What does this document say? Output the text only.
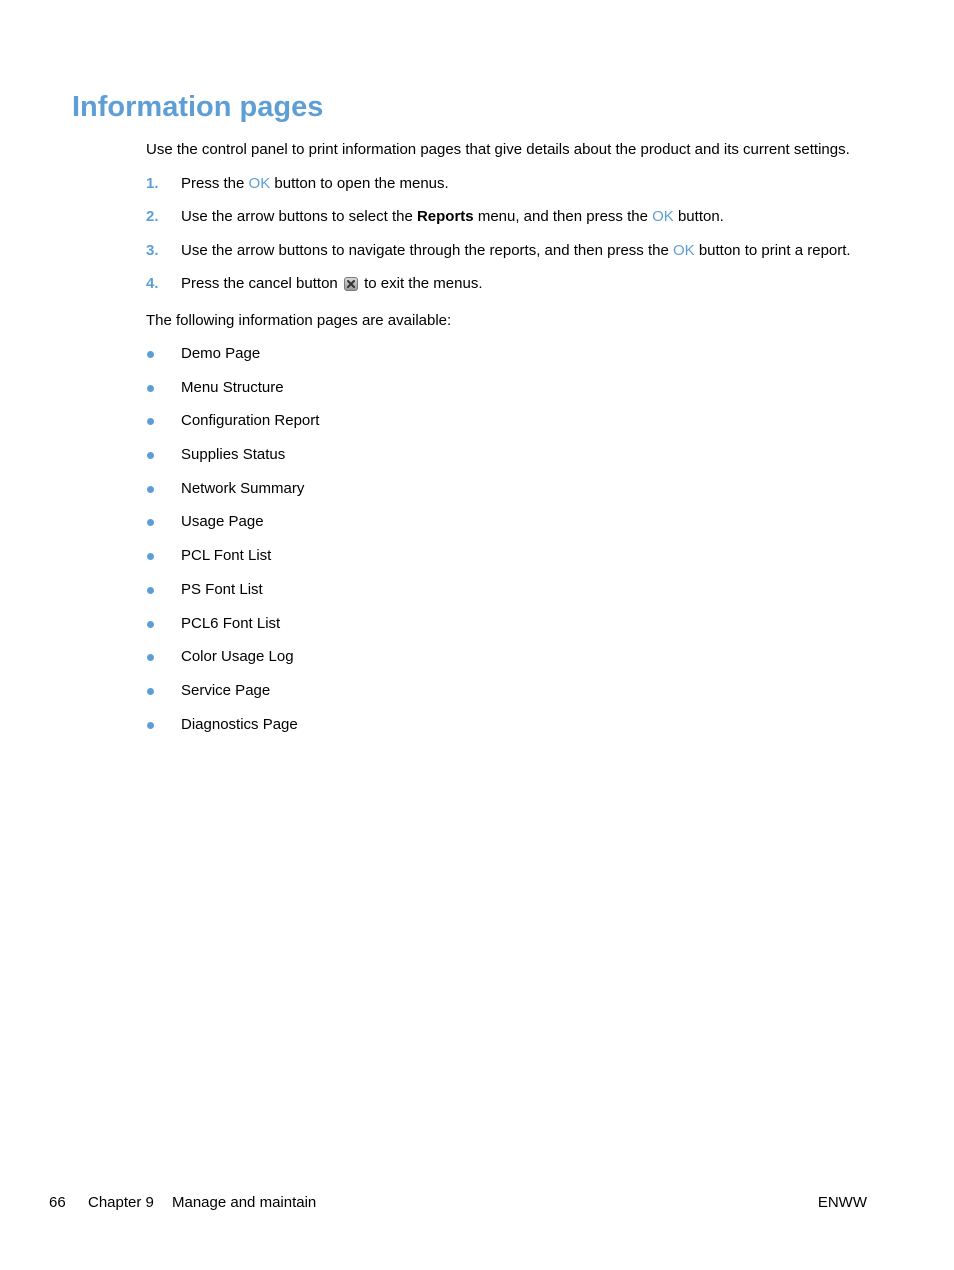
Information pages

Use the control panel to print information pages that give details about the product and its current settings.

1. Press the OK button to open the menus.
2. Use the arrow buttons to select the Reports menu, and then press the OK button.
3. Use the arrow buttons to navigate through the reports, and then press the OK button to print a report.
4. Press the cancel button
to exit the menus.

The following information pages are available:

Demo Page
Menu Structure
Configuration Report
Supplies Status
Network Summary
Usage Page
PCL Font List
PS Font List
PCL6 Font List
Color Usage Log
Service Page
Diagnostics Page
66 Chapter 9 Manage and maintain	ENWW
